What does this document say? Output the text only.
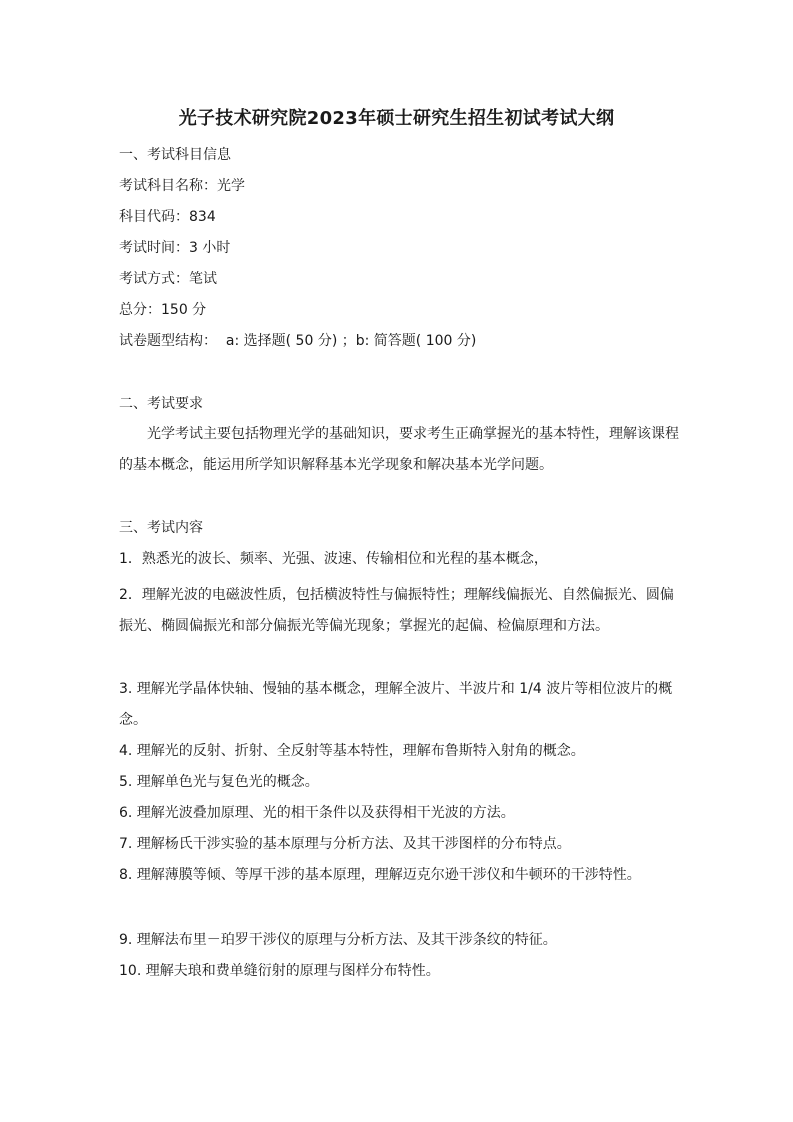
光子技术研究院2023年硕士研究生招生初试考试大纲
一、考试科目信息
考试科目名称：光学
科目代码：834
考试时间：3 小时
考试方式：笔试
总分：150 分
试卷题型结构：  a: 选择题( 50 分) ；b: 简答题( 100 分)
二、考试要求
光学考试主要包括物理光学的基础知识，要求考生正确掌握光的基本特性，理解该课程的基本概念，能运用所学知识解释基本光学现象和解决基本光学问题。
三、考试内容
1．熟悉光的波长、频率、光强、波速、传输相位和光程的基本概念，
2．理解光波的电磁波性质，包括横波特性与偏振特性；理解线偏振光、自然偏振光、圆偏振光、椭圆偏振光和部分偏振光等偏光现象；掌握光的起偏、检偏原理和方法。
3. 理解光学晶体快轴、慢轴的基本概念，理解全波片、半波片和 1/4 波片等相位波片的概念。
4. 理解光的反射、折射、全反射等基本特性，理解布鲁斯特入射角的概念。
5. 理解单色光与复色光的概念。
6. 理解光波叠加原理、光的相干条件以及获得相干光波的方法。
7. 理解杨氏干涉实验的基本原理与分析方法、及其干涉图样的分布特点。
8. 理解薄膜等倾、等厚干涉的基本原理，理解迈克尔逊干涉仪和牛顿环的干涉特性。
9. 理解法布里－珀罗干涉仪的原理与分析方法、及其干涉条纹的特征。
10. 理解夫琅和费单缝衍射的原理与图样分布特性。
